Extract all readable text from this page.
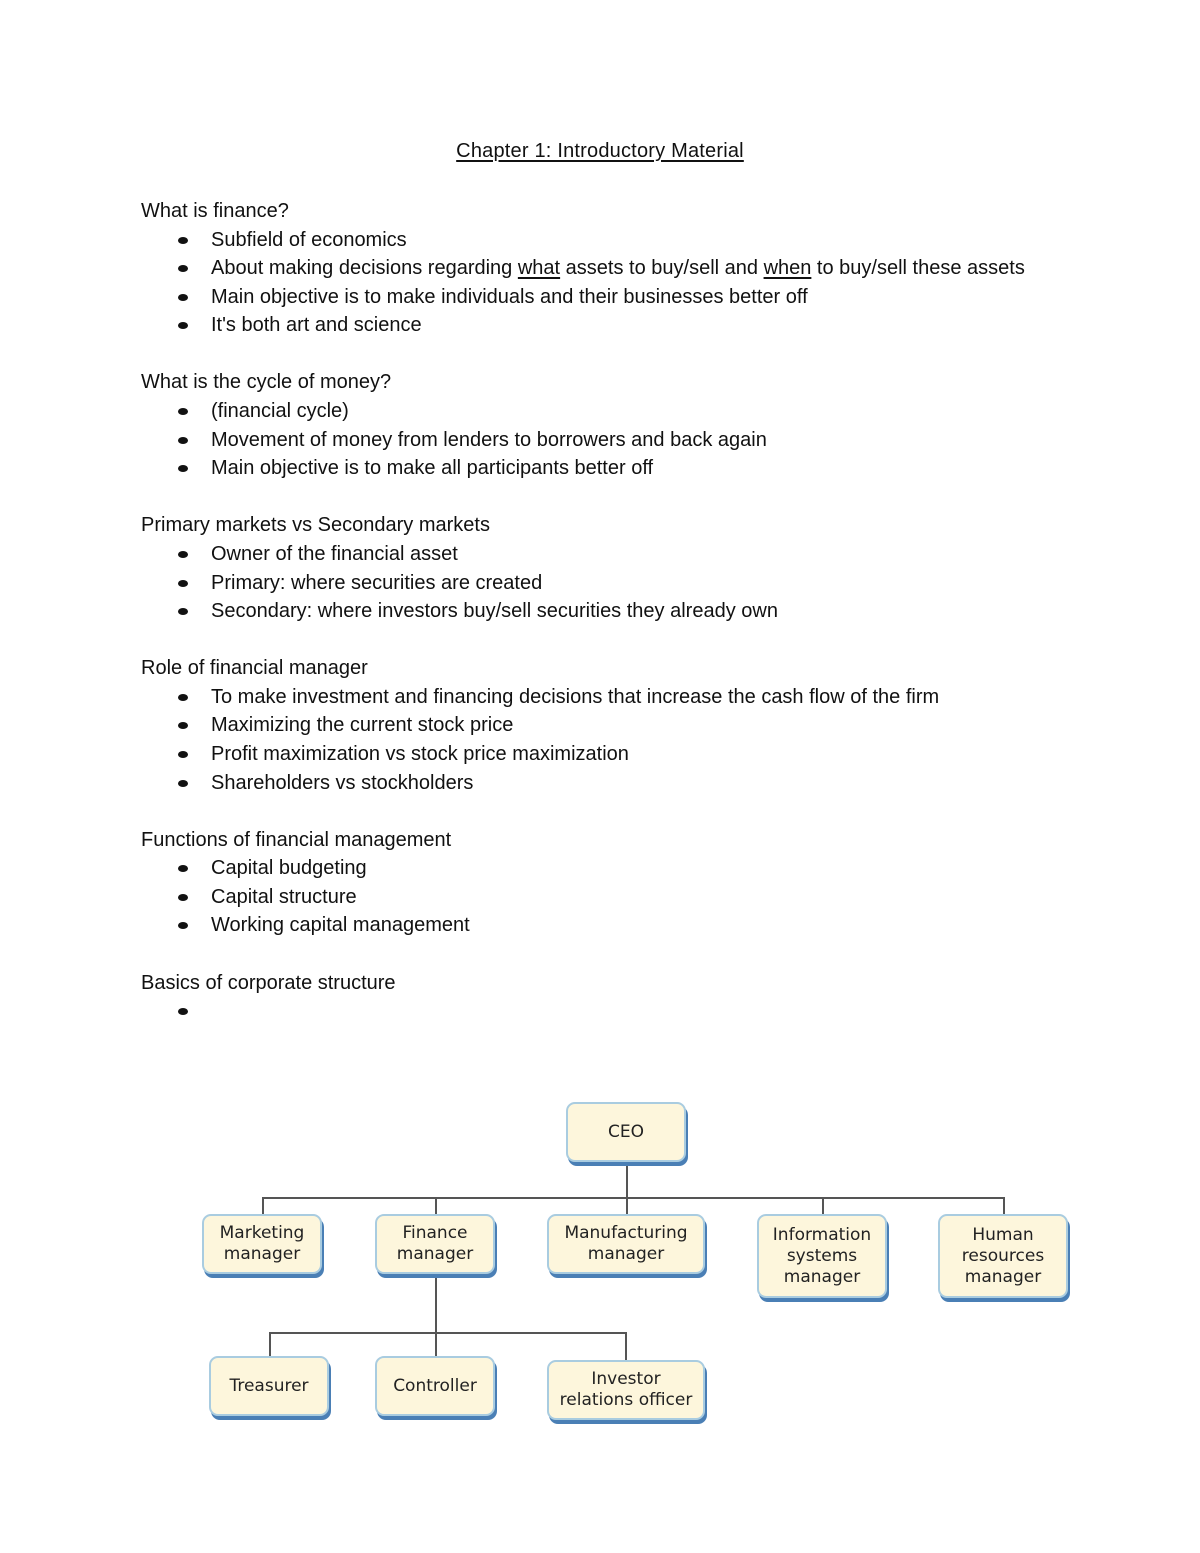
Chapter 1: Introductory Material

What is finance?

Subfield of economics
About making decisions regarding what assets to buy/sell and when to buy/sell these assets
Main objective is to make individuals and their businesses better off
It's both art and science

What is the cycle of money?

(financial cycle)
Movement of money from lenders to borrowers and back again
Main objective is to make all participants better off

Primary markets vs Secondary markets

Owner of the financial asset
Primary: where securities are created
Secondary: where investors buy/sell securities they already own

Role of financial manager

To make investment and financing decisions that increase the cash flow of the firm
Maximizing the current stock price
Profit maximization vs stock price maximization
Shareholders vs stockholders

Functions of financial management

Capital budgeting
Capital structure
Working capital management

Basics of corporate structure

CEO
Marketing manager
Finance manager
Manufacturing manager
Information systems manager
Human resources manager
Treasurer	Controller	Investor relations officer
